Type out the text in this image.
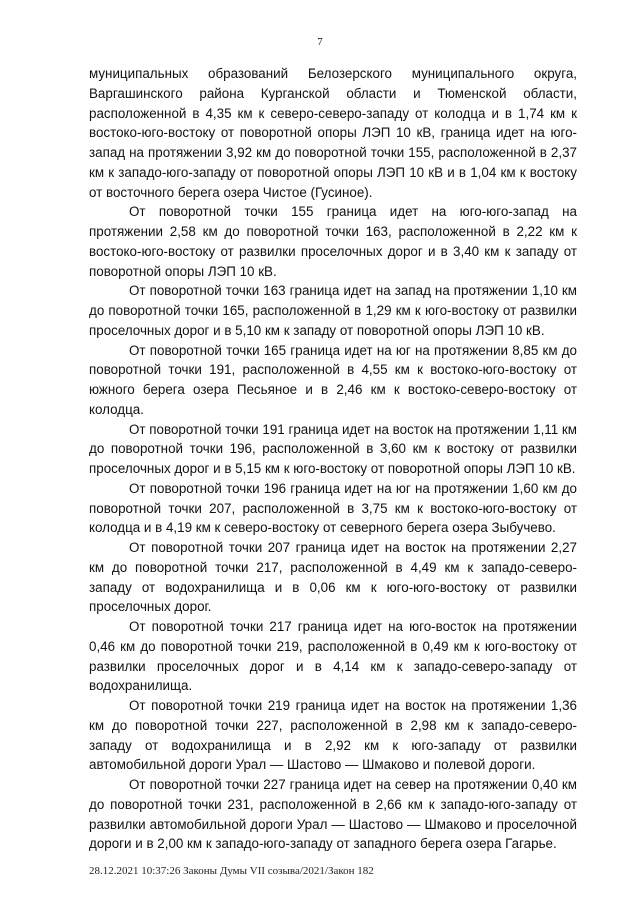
7

муниципальных образований Белозерского муниципального округа, Варгашинского района Курганской области и Тюменской области, расположенной в 4,35 км к северо-северо-западу от колодца и в 1,74 км к востоко-юго-востоку от поворотной опоры ЛЭП 10 кВ, граница идет на юго-запад на протяжении 3,92 км до поворотной точки 155, расположенной в 2,37 км к западо-юго-западу от поворотной опоры ЛЭП 10 кВ и в 1,04 км к востоку от восточного берега озера Чистое (Гусиное).

От поворотной точки 155 граница идет на юго-юго-запад на протяжении 2,58 км до поворотной точки 163, расположенной в 2,22 км к востоко-юго-востоку от развилки проселочных дорог и в 3,40 км к западу от поворотной опоры ЛЭП 10 кВ.

От поворотной точки 163 граница идет на запад на протяжении 1,10 км до поворотной точки 165, расположенной в 1,29 км к юго-востоку от развилки проселочных дорог и в 5,10 км к западу от поворотной опоры ЛЭП 10 кВ.

От поворотной точки 165 граница идет на юг на протяжении 8,85 км до поворотной точки 191, расположенной в 4,55 км к востоко-юго-востоку от южного берега озера Песьяное и в 2,46 км к востоко-северо-востоку от колодца.

От поворотной точки 191 граница идет на восток на протяжении 1,11 км до поворотной точки 196, расположенной в 3,60 км к востоку от развилки проселочных дорог и в 5,15 км к юго-востоку от поворотной опоры ЛЭП 10 кВ.

От поворотной точки 196 граница идет на юг на протяжении 1,60 км до поворотной точки 207, расположенной в 3,75 км к востоко-юго-востоку от колодца и в 4,19 км к северо-востоку от северного берега озера Зыбучево.

От поворотной точки 207 граница идет на восток на протяжении 2,27 км до поворотной точки 217, расположенной в 4,49 км к западо-северо-западу от водохранилища и в 0,06 км к юго-юго-востоку от развилки проселочных дорог.

От поворотной точки 217 граница идет на юго-восток на протяжении 0,46 км до поворотной точки 219, расположенной в 0,49 км к юго-востоку от развилки проселочных дорог и в 4,14 км к западо-северо-западу от водохранилища.

От поворотной точки 219 граница идет на восток на протяжении 1,36 км до поворотной точки 227, расположенной в 2,98 км к западо-северо-западу от водохранилища и в 2,92 км к юго-западу от развилки автомобильной дороги Урал — Шастово — Шмаково и полевой дороги.

От поворотной точки 227 граница идет на север на протяжении 0,40 км до поворотной точки 231, расположенной в 2,66 км к западо-юго-западу от развилки автомобильной дороги Урал — Шастово — Шмаково и проселочной дороги и в 2,00 км к западо-юго-западу от западного берега озера Гагарье.

28.12.2021 10:37:26 Законы Думы VII созыва/2021/Закон 182
